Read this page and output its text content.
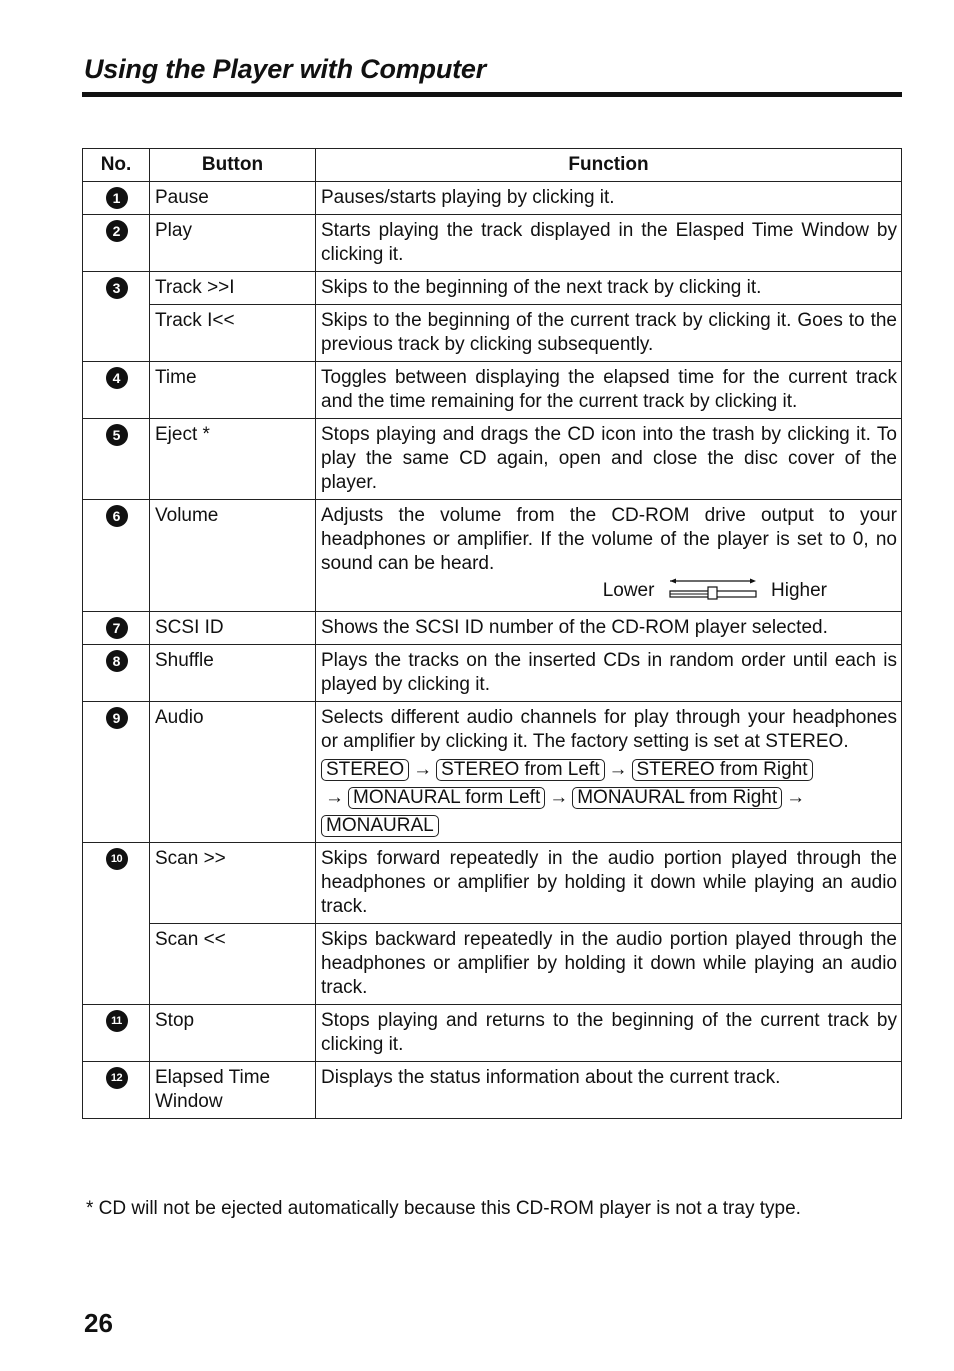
Using the Player with Computer
No.	Button	Function
1	Pause	Pauses/starts playing by clicking it.
2	Play	Starts playing the track displayed in the Elasped Time Window by clicking it.
3	Track >>I	Skips to the beginning of the next track by clicking it.
	Track I<<	Skips to the beginning of the current track by clicking it. Goes to the previous track by clicking subsequently.
4	Time	Toggles between displaying the elapsed time for the current track and the time remaining for the current track by clicking it.
5	Eject *	Stops playing and drags the CD icon into the trash by clicking it. To play the same CD again, open and close the disc cover of the player.
6	Volume	Adjusts the volume from the CD-ROM drive output to your headphones or amplifier. If the volume of the player is set to 0, no sound can be heard.
Lower Higher

7	SCSI ID	Shows the SCSI ID number of the CD-ROM player selected.
8	Shuffle	Plays the tracks on the inserted CDs in random order until each is played by clicking it.
9	Audio	Selects different audio channels for play through your headphones or amplifier by clicking it. The factory setting is set at STEREO.
STEREO → STEREO from Left → STEREO from Right
→ MONAURAL form Left → MONAURAL from Right →
MONAURAL

10	Scan >>	Skips forward repeatedly in the audio portion played through the headphones or amplifier by holding it down while playing an audio track.
	Scan <<	Skips backward repeatedly in the audio portion played through the headphones or amplifier by holding it down while playing an audio track.
11	Stop	Stops playing and returns to the beginning of the current track by clicking it.
12	Elapsed Time Window	Displays the status information about the current track.

* CD will not be ejected automatically because this CD-ROM player is not a tray type.

26
